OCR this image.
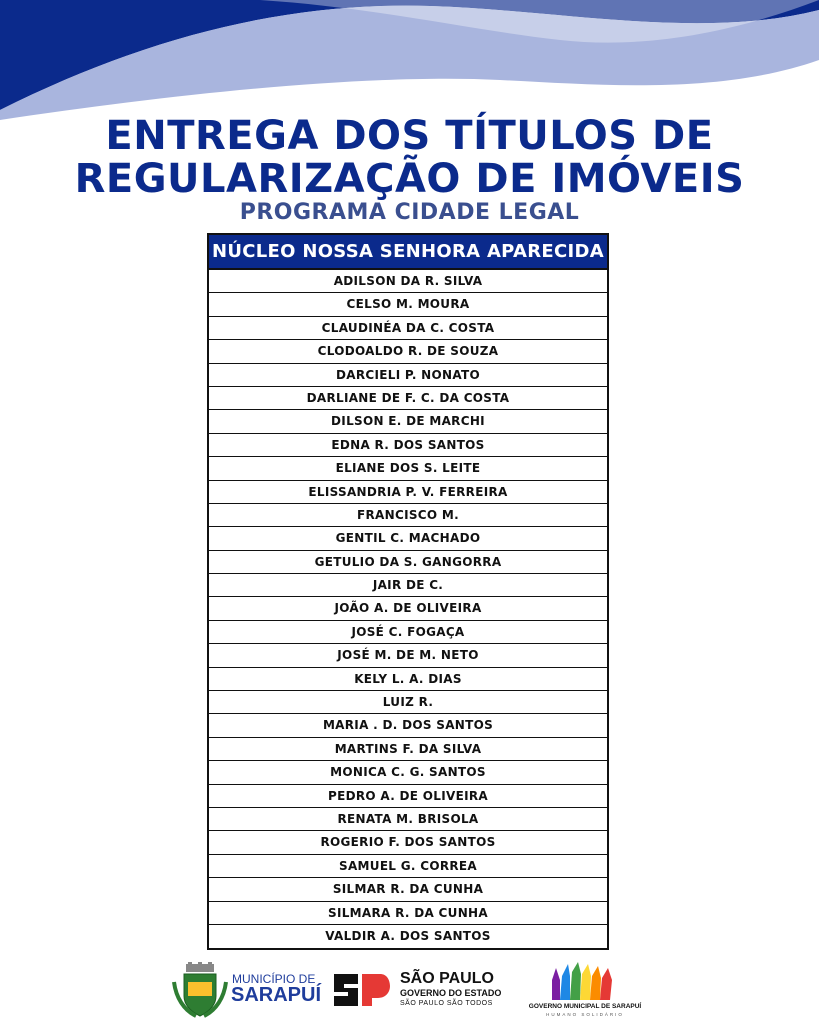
ENTREGA DOS TÍTULOS DE
REGULARIZAÇÃO DE IMÓVEIS
PROGRAMA CIDADE LEGAL
NÚCLEO NOSSA SENHORA APARECIDA
ADILSON DA R. SILVA
CELSO M. MOURA
CLAUDINÉA DA C. COSTA
CLODOALDO R. DE SOUZA
DARCIELI P. NONATO
DARLIANE DE F. C. DA COSTA
DILSON E. DE MARCHI
EDNA R. DOS SANTOS
ELIANE DOS S. LEITE
ELISSANDRIA P. V. FERREIRA
FRANCISCO M.
GENTIL C. MACHADO
GETULIO DA S. GANGORRA
JAIR DE C.
JOÃO A. DE OLIVEIRA
JOSÉ C. FOGAÇA
JOSÉ M. DE M. NETO
KELY L. A. DIAS
LUIZ R.
MARIA . D. DOS SANTOS
MARTINS F. DA SILVA
MONICA C. G. SANTOS
PEDRO A. DE OLIVEIRA
RENATA M. BRISOLA
ROGERIO F. DOS SANTOS
SAMUEL G. CORREA
SILMAR R. DA CUNHA
SILMARA R. DA CUNHA
VALDIR A. DOS SANTOS
MUNICÍPIO DE
SARAPUÍ
SÃO PAULO
GOVERNO DO ESTADO
SÃO PAULO SÃO TODOS	GOVERNO MUNICIPAL DE SARAPUÍ
HUMANO SOLIDÁRIO
